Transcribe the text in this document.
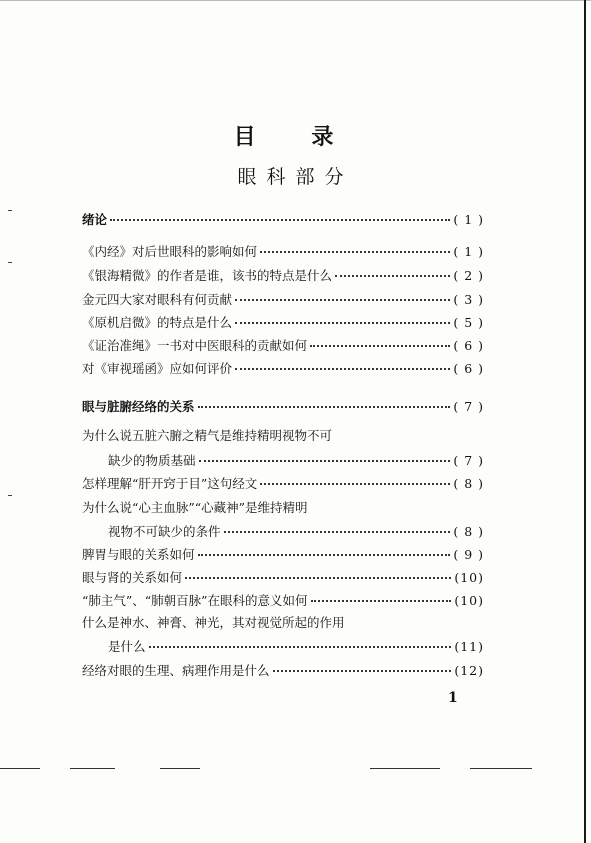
目 录
眼科部分
绪论	( 1 )
《内经》对后世眼科的影响如何	( 1 )
《银海精微》的作者是谁，该书的特点是什么	( 2 )
金元四大家对眼科有何贡献	( 3 )
《原机启微》的特点是什么	( 5 )
《证治准绳》一书对中医眼科的贡献如何	( 6 )
对《审视瑶函》应如何评价	( 6 )
眼与脏腑经络的关系	( 7 )
为什么说五脏六腑之精气是维持精明视物不可
缺少的物质基础	( 7 )
怎样理解“肝开窍于目”这句经文	( 8 )
为什么说“心主血脉”“心藏神”是维持精明
视物不可缺少的条件	( 8 )
脾胃与眼的关系如何	( 9 )
眼与肾的关系如何	(10)
“肺主气”、“肺朝百脉”在眼科的意义如何	(10)
什么是神水、神膏、神光，其对视觉所起的作用
是什么	(11)
经络对眼的生理、病理作用是什么	(12)
1
